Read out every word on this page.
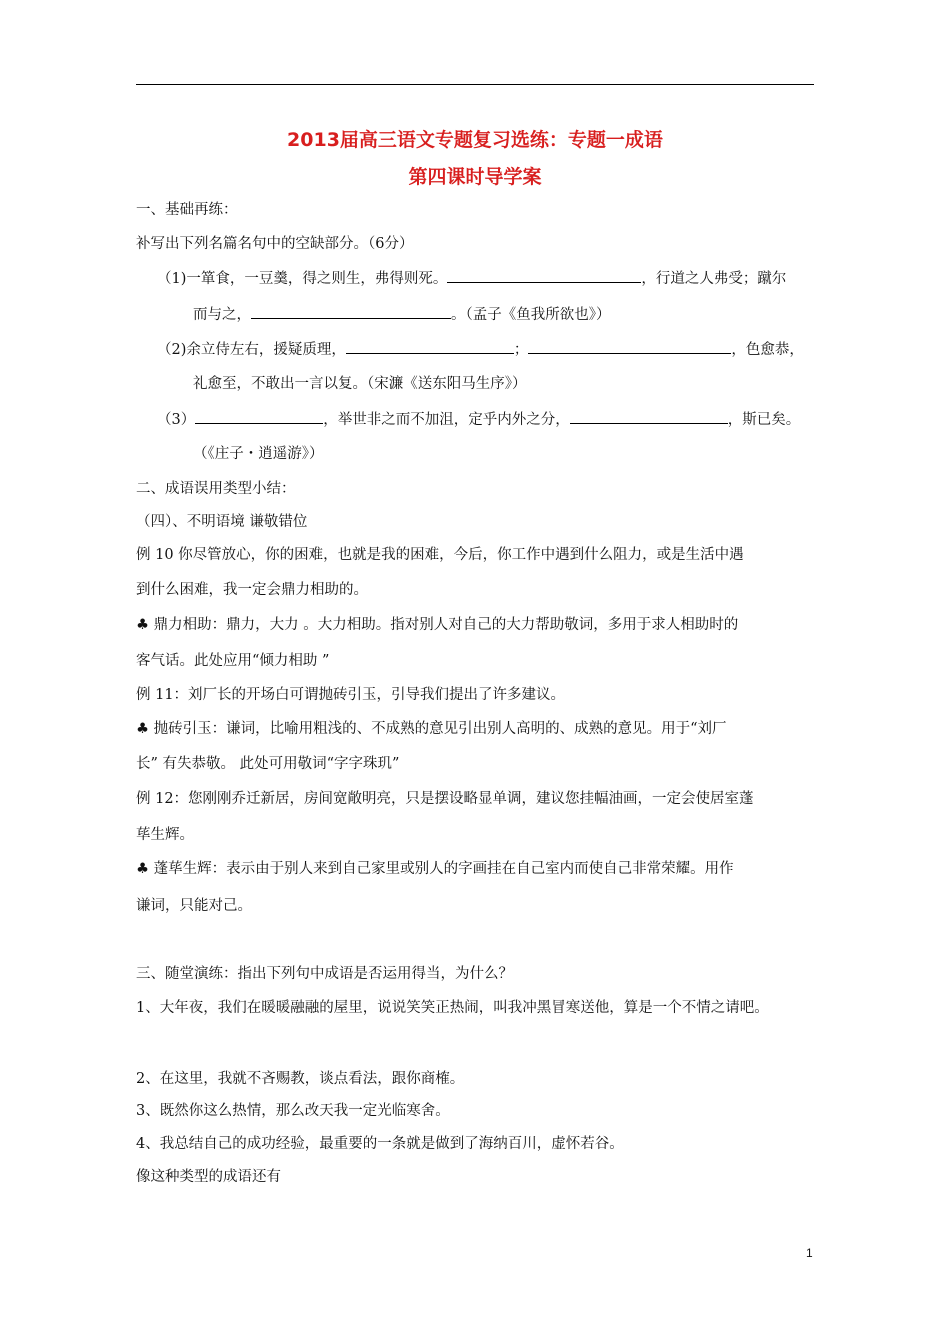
2013届高三语文专题复习选练：专题一成语
第四课时导学案
一、基础再练：
补写出下列名篇名句中的空缺部分。（6分）
（1)一箪食，一豆羹，得之则生，弗得则死。	，行道之人弗受；蹴尔
而与之，	。（孟子《鱼我所欲也》）
（2)余立侍左右，援疑质理，	；	，色愈恭，
礼愈至，不敢出一言以复。（宋濂《送东阳马生序》）
（3）	，举世非之而不加沮，定乎内外之分，	，斯已矣。
（《庄子・逍遥游》）
二、成语误用类型小结：
（四）、不明语境 谦敬错位
例 10 你尽管放心，你的困难，也就是我的困难，今后，你工作中遇到什么阻力，或是生活中遇
到什么困难，我一定会鼎力相助的。
♣ 鼎力相助：鼎力，大力 。大力相助。指对别人对自己的大力帮助敬词，多用于求人相助时的
客气话。此处应用“倾力相助 ”
例 11：刘厂长的开场白可谓抛砖引玉，引导我们提出了许多建议。
♣ 抛砖引玉：谦词，比喻用粗浅的、不成熟的意见引出别人高明的、成熟的意见。用于“刘厂
长” 有失恭敬。 此处可用敬词“字字珠玑”
例 12：您刚刚乔迁新居，房间宽敞明亮，只是摆设略显单调，建议您挂幅油画，一定会使居室蓬
荜生辉。
♣ 蓬荜生辉：表示由于别人来到自己家里或别人的字画挂在自己室内而使自己非常荣耀。用作
谦词，只能对己。
三、随堂演练：指出下列句中成语是否运用得当，为什么？
1、大年夜，我们在暖暖融融的屋里，说说笑笑正热闹，叫我冲黑冒寒送他，算是一个不情之请吧。
2、在这里，我就不吝赐教，谈点看法，跟你商榷。
3、既然你这么热情，那么改天我一定光临寒舍。
4、我总结自己的成功经验，最重要的一条就是做到了海纳百川，虚怀若谷。
像这种类型的成语还有
1
